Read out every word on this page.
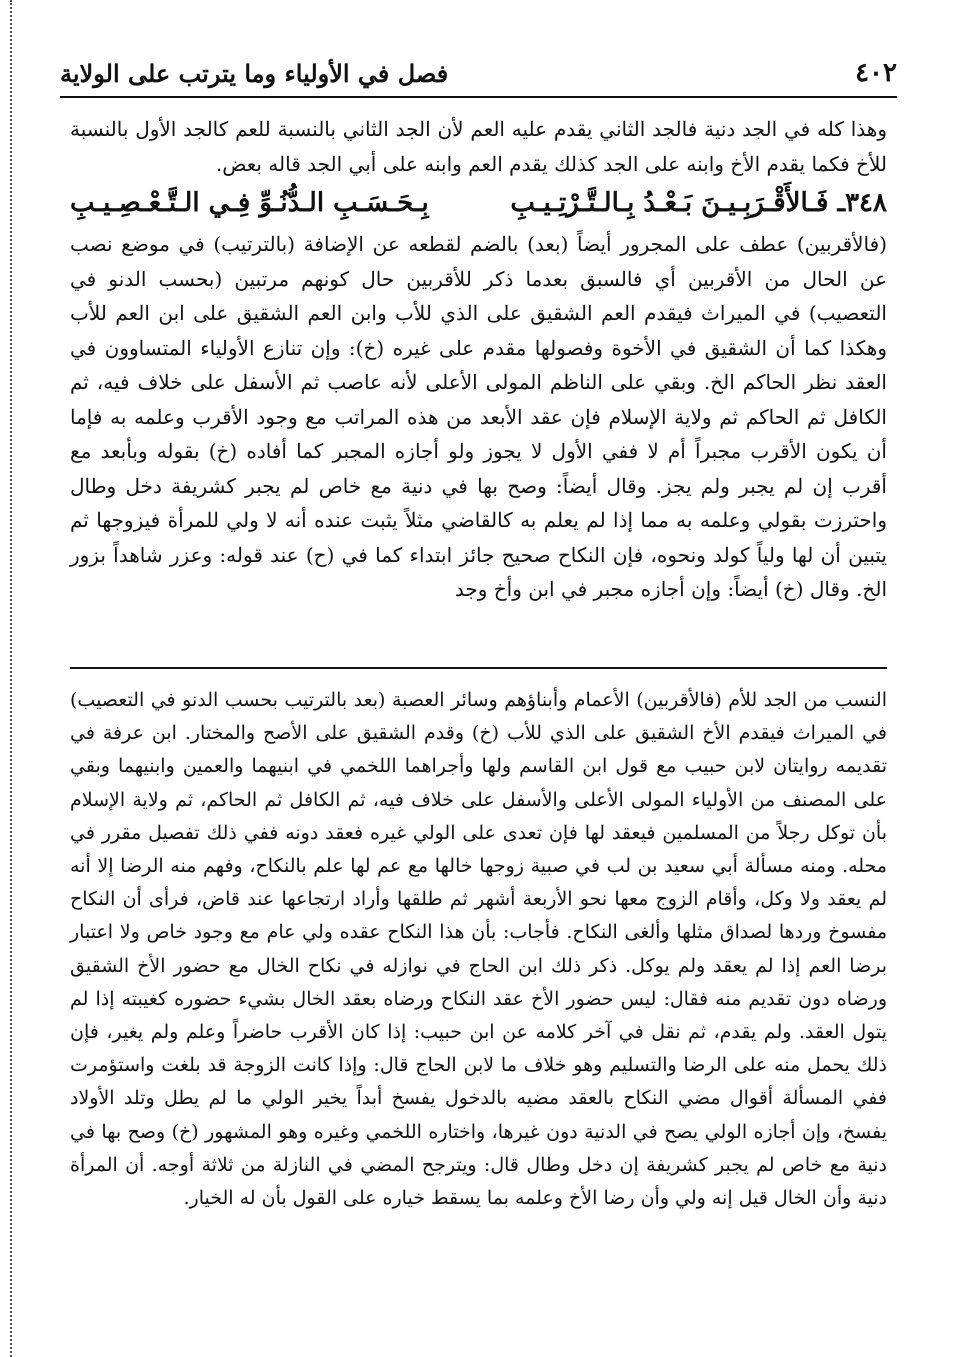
٤٠٢
فصل في الأولياء وما يترتب على الولاية

وهذا كله في الجد دنية فالجد الثاني يقدم عليه العم لأن الجد الثاني بالنسبة للعم كالجد الأول بالنسبة للأخ فكما يقدم الأخ وابنه على الجد كذلك يقدم العم وابنه على أبي الجد قاله بعض.

٣٤٨ـ فَـالأَقْـرَبِـيـنَ بَـعْـدُ بِـالـتَّـرْتِـيـبِ
بِـحَـسَـبِ الـدُّنُـوِّ فِـي الـتَّـعْـصِـيـبِ

(فالأقربين) عطف على المجرور أيضاً (بعد) بالضم لقطعه عن الإضافة (بالترتيب) في موضع نصب عن الحال من الأقربين أي فالسبق بعدما ذكر للأقربين حال كونهم مرتبين (بحسب الدنو في التعصيب) في الميراث فيقدم العم الشقيق على الذي للأب وابن العم الشقيق على ابن العم للأب وهكذا كما أن الشقيق في الأخوة وفصولها مقدم على غيره (خ): وإن تنازع الأولياء المتساوون في العقد نظر الحاكم الخ. وبقي على الناظم المولى الأعلى لأنه عاصب ثم الأسفل على خلاف فيه، ثم الكافل ثم الحاكم ثم ولاية الإسلام فإن عقد الأبعد من هذه المراتب مع وجود الأقرب وعلمه به فإما أن يكون الأقرب مجبراً أم لا ففي الأول لا يجوز ولو أجازه المجبر كما أفاده (خ) بقوله وبأبعد مع أقرب إن لم يجبر ولم يجز. وقال أيضاً: وصح بها في دنية مع خاص لم يجبر كشريفة دخل وطال واحترزت بقولي وعلمه به مما إذا لم يعلم به كالقاضي مثلاً يثبت عنده أنه لا ولي للمرأة فيزوجها ثم يتبين أن لها ولياً كولد ونحوه، فإن النكاح صحيح جائز ابتداء كما في (ح) عند قوله: وعزر شاهداً بزور الخ. وقال (خ) أيضاً: وإن أجازه مجبر في ابن وأخ وجد

النسب من الجد للأم (فالأقربين) الأعمام وأبناؤهم وسائر العصبة (بعد بالترتيب بحسب الدنو في التعصيب) في الميراث فيقدم الأخ الشقيق على الذي للأب (خ) وقدم الشقيق على الأصح والمختار. ابن عرفة في تقديمه روايتان لابن حبيب مع قول ابن القاسم ولها وأجراهما اللخمي في ابنيهما والعمين وابنيهما وبقي على المصنف من الأولياء المولى الأعلى والأسفل على خلاف فيه، ثم الكافل ثم الحاكم، ثم ولاية الإسلام بأن توكل رجلاً من المسلمين فيعقد لها فإن تعدى على الولي غيره فعقد دونه ففي ذلك تفصيل مقرر في محله. ومنه مسألة أبي سعيد بن لب في صبية زوجها خالها مع عم لها علم بالنكاح، وفهم منه الرضا إلا أنه لم يعقد ولا وكل، وأقام الزوج معها نحو الأربعة أشهر ثم طلقها وأراد ارتجاعها عند قاض، فرأى أن النكاح مفسوخ وردها لصداق مثلها وألغى النكاح. فأجاب: بأن هذا النكاح عقده ولي عام مع وجود خاص ولا اعتبار برضا العم إذا لم يعقد ولم يوكل. ذكر ذلك ابن الحاج في نوازله في نكاح الخال مع حضور الأخ الشقيق ورضاه دون تقديم منه فقال: ليس حضور الأخ عقد النكاح ورضاه بعقد الخال بشيء حضوره كغيبته إذا لم يتول العقد. ولم يقدم، ثم نقل في آخر كلامه عن ابن حبيب: إذا كان الأقرب حاضراً وعلم ولم يغير، فإن ذلك يحمل منه على الرضا والتسليم وهو خلاف ما لابن الحاج قال: وإذا كانت الزوجة قد بلغت واستؤمرت ففي المسألة أقوال مضي النكاح بالعقد مضيه بالدخول يفسخ أبداً يخير الولي ما لم يطل وتلد الأولاد يفسخ، وإن أجازه الولي يصح في الدنية دون غيرها، واختاره اللخمي وغيره وهو المشهور (خ) وصح بها في دنية مع خاص لم يجبر كشريفة إن دخل وطال قال: ويترجح المضي في النازلة من ثلاثة أوجه. أن المرأة دنية وأن الخال قيل إنه ولي وأن رضا الأخ وعلمه بما يسقط خياره على القول بأن له الخيار.
